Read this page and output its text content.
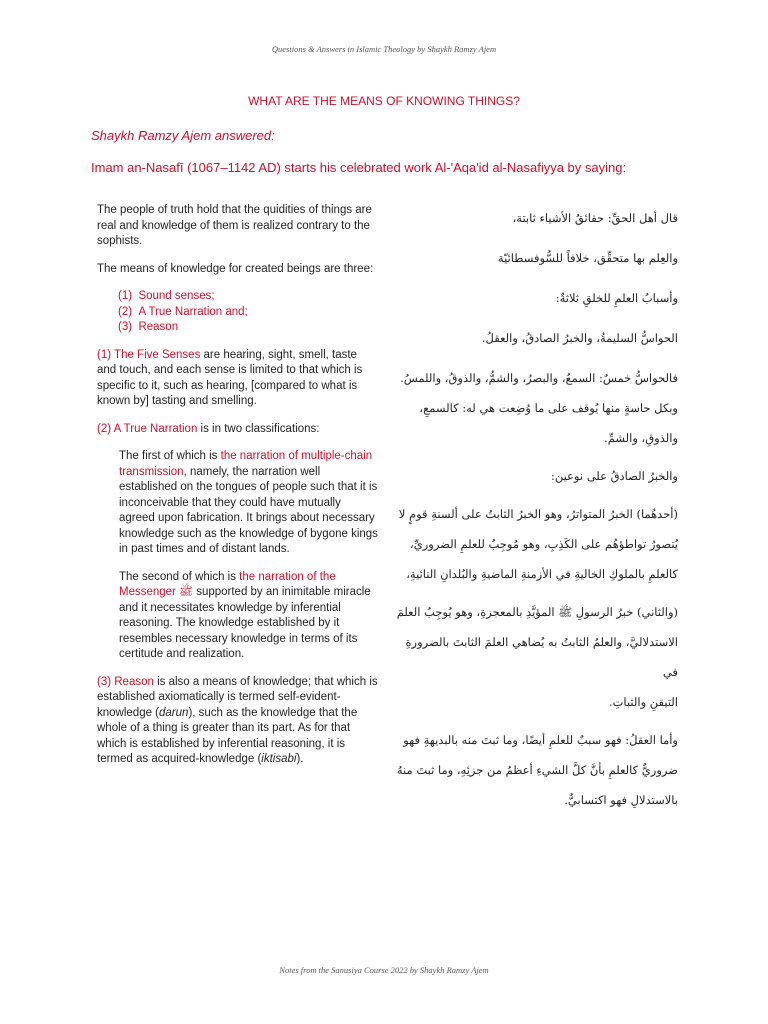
Questions & Answers in Islamic Theology by Shaykh Ramzy Ajem
WHAT ARE THE MEANS OF KNOWING THINGS?
Shaykh Ramzy Ajem answered:
Imam an-Nasafī (1067–1142 AD) starts his celebrated work Al-'Aqa'id al-Nasafiyya by saying:

The people of truth hold that the quidities of things are real and knowledge of them is realized contrary to the sophists.

The means of knowledge for created beings are three:

(1) Sound senses;
(2) A True Narration and;
(3) Reason

(1) The Five Senses are hearing, sight, smell, taste and touch, and each sense is limited to that which is specific to it, such as hearing, [compared to what is known by] tasting and smelling.

(2) A True Narration is in two classifications:

The first of which is the narration of multiple-chain transmission, namely, the narration well established on the tongues of people such that it is inconceivable that they could have mutually agreed upon fabrication. It brings about necessary knowledge such as the knowledge of bygone kings in past times and of distant lands.

The second of which is the narration of the Messenger ﷺ supported by an inimitable miracle and it necessitates knowledge by inferential reasoning. The knowledge established by it resembles necessary knowledge in terms of its certitude and realization.

(3) Reason is also a means of knowledge; that which is established axiomatically is termed self-evident-knowledge (darun), such as the knowledge that the whole of a thing is greater than its part. As for that which is established by inferential reasoning, it is termed as acquired-knowledge (iktisabi).

قال أهل الحقِّ: حقائقُ الأشياء ثابتة،

والعِلم بها متحقِّق، خلافاً للسُّوفسطائيّة

وأسبابُ العلمِ للخلقِ ثلاثةٌ:

الحواسُّ السليمةُ، والخبرُ الصادقُ، والعقلُ.

فالحواسُّ خمسٌ: السمعُ، والبصرُ، والشمُّ، والذوقُ، واللمسُ.

وبكل حاسةٍ منها يُوقف على ما وُضِعت هي له: كالسمعِ،

والذوقِ، والشمِّ.

والخبرُ الصادقُ على نوعين:

(أحدهُما) الخبرُ المتواترُ، وهو الخبرُ الثابتُ على ألسنةِ قومٍ لا

يُتصورُ تواطؤهُم على الكَذِبِ، وهو مُوجِبٌ للعلمِ الضروريِّ،

كالعلمِ بالملوكِ الخاليةِ في الأزمنةِ الماضيةِ والبُلدانِ النائيةِ،

(والثاني) خبرُ الرسولِ ﷺ المؤيَّدِ بالمعجزةِ، وهو يُوجِبُ العلمَ

الاستدلاليَّ، والعلمُ الثابتُ به يُضاهي العلمَ الثابتَ بالضرورةِ في

التيقنِ والثباتِ.

وأما العقلُ: فهو سببٌ للعلمِ أيضًا، وما ثبتَ منه بالبديهةِ فهو

ضروريٌّ كالعلمِ بأنَّ كلَّ الشيءِ أعظمُ من جزئِهِ، وما ثبتَ منهُ

بالاستدلالِ فهو اكتسابيٌّ.

Notes from the Sanusiya Course 2022 by Shaykh Ramzy Ajem
